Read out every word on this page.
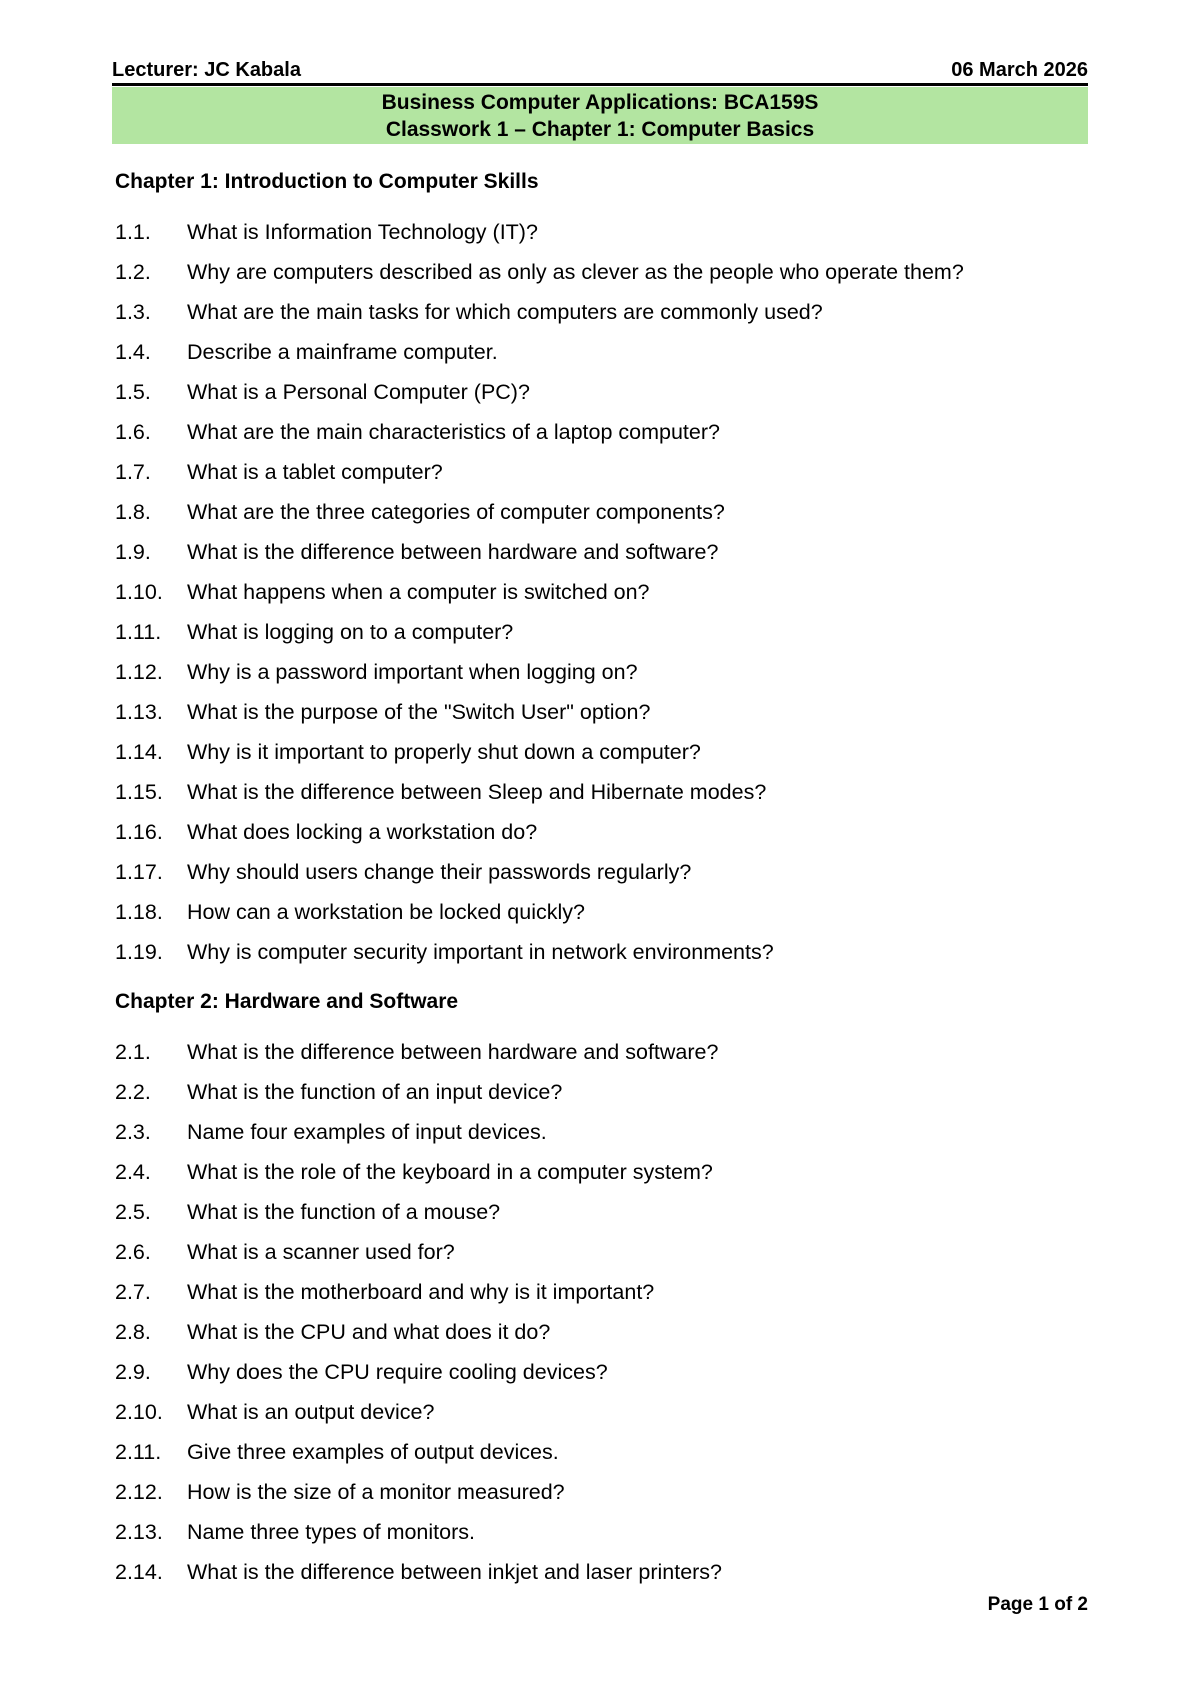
Lecturer: JC Kabala	06 March 2026
Business Computer Applications: BCA159S
Classwork 1 – Chapter 1: Computer Basics
Chapter 1: Introduction to Computer Skills
1.1.	What is Information Technology (IT)?
1.2.	Why are computers described as only as clever as the people who operate them?
1.3.	What are the main tasks for which computers are commonly used?
1.4.	Describe a mainframe computer.
1.5.	What is a Personal Computer (PC)?
1.6.	What are the main characteristics of a laptop computer?
1.7.	What is a tablet computer?
1.8.	What are the three categories of computer components?
1.9.	What is the difference between hardware and software?
1.10.	What happens when a computer is switched on?
1.11.	What is logging on to a computer?
1.12.	Why is a password important when logging on?
1.13.	What is the purpose of the "Switch User" option?
1.14.	Why is it important to properly shut down a computer?
1.15.	What is the difference between Sleep and Hibernate modes?
1.16.	What does locking a workstation do?
1.17.	Why should users change their passwords regularly?
1.18.	How can a workstation be locked quickly?
1.19.	Why is computer security important in network environments?
Chapter 2: Hardware and Software
2.1.	What is the difference between hardware and software?
2.2.	What is the function of an input device?
2.3.	Name four examples of input devices.
2.4.	What is the role of the keyboard in a computer system?
2.5.	What is the function of a mouse?
2.6.	What is a scanner used for?
2.7.	What is the motherboard and why is it important?
2.8.	What is the CPU and what does it do?
2.9.	Why does the CPU require cooling devices?
2.10.	What is an output device?
2.11.	Give three examples of output devices.
2.12.	How is the size of a monitor measured?
2.13.	Name three types of monitors.
2.14.	What is the difference between inkjet and laser printers?
Page 1 of 2
